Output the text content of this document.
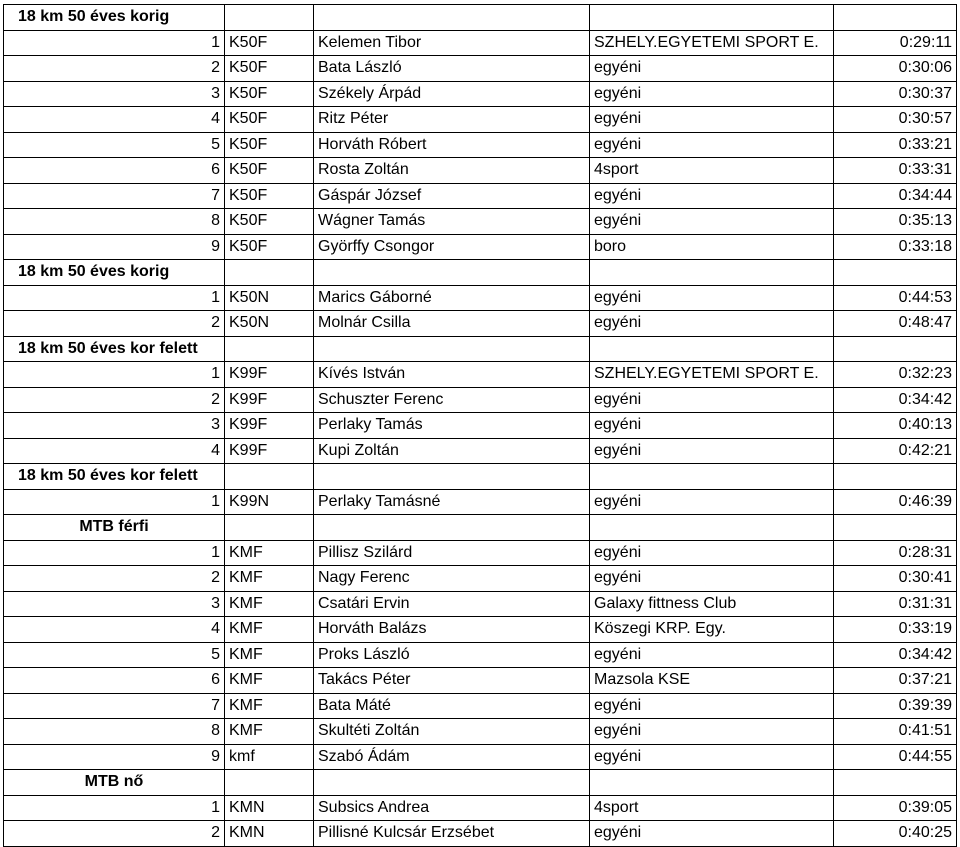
18 km 50 éves korig				
1	K50F	Kelemen Tibor	SZHELY.EGYETEMI SPORT E.	0:29:11
2	K50F	Bata László	egyéni	0:30:06
3	K50F	Székely Árpád	egyéni	0:30:37
4	K50F	Ritz Péter	egyéni	0:30:57
5	K50F	Horváth Róbert	egyéni	0:33:21
6	K50F	Rosta Zoltán	4sport	0:33:31
7	K50F	Gáspár József	egyéni	0:34:44
8	K50F	Wágner Tamás	egyéni	0:35:13
9	K50F	Györffy Csongor	boro	0:33:18
18 km 50 éves korig				
1	K50N	Marics Gáborné	egyéni	0:44:53
2	K50N	Molnár Csilla	egyéni	0:48:47
18 km 50 éves kor felett				
1	K99F	Kívés István	SZHELY.EGYETEMI SPORT E.	0:32:23
2	K99F	Schuszter Ferenc	egyéni	0:34:42
3	K99F	Perlaky Tamás	egyéni	0:40:13
4	K99F	Kupi Zoltán	egyéni	0:42:21
18 km 50 éves kor felett				
1	K99N	Perlaky Tamásné	egyéni	0:46:39
MTB férfi				
1	KMF	Pillisz Szilárd	egyéni	0:28:31
2	KMF	Nagy Ferenc	egyéni	0:30:41
3	KMF	Csatári Ervin	Galaxy fittness Club	0:31:31
4	KMF	Horváth Balázs	Köszegi KRP. Egy.	0:33:19
5	KMF	Proks László	egyéni	0:34:42
6	KMF	Takács Péter	Mazsola KSE	0:37:21
7	KMF	Bata Máté	egyéni	0:39:39
8	KMF	Skultéti Zoltán	egyéni	0:41:51
9	kmf	Szabó Ádám	egyéni	0:44:55
MTB nő				
1	KMN	Subsics Andrea	4sport	0:39:05
2	KMN	Pillisné Kulcsár Erzsébet	egyéni	0:40:25
